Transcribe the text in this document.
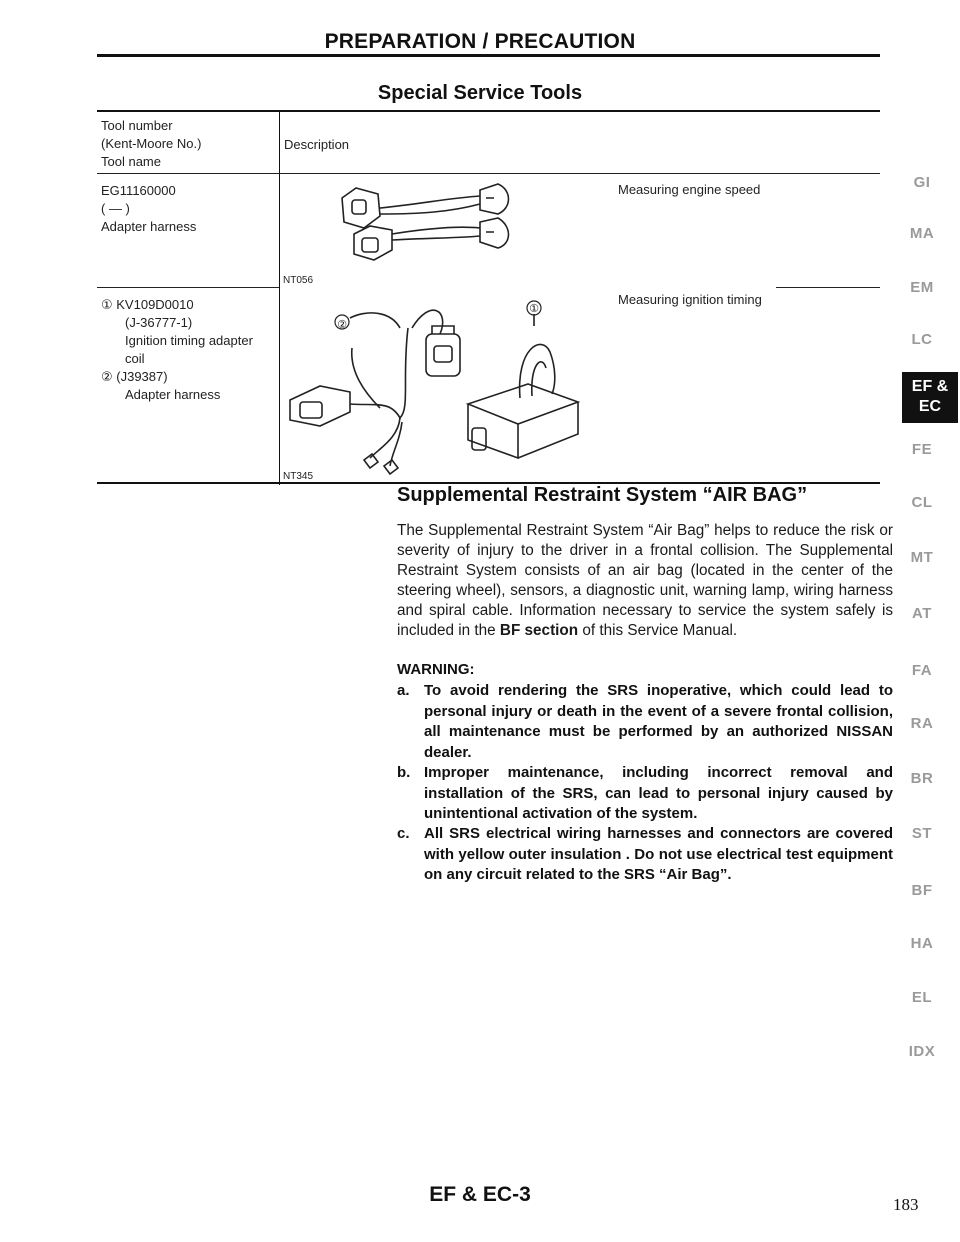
PREPARATION / PRECAUTION
Special Service Tools
Tool number
(Kent-Moore No.)
Tool name
Description
EG11160000
( — )
Adapter harness
Measuring engine speed
NT056
① KV109D0010
(J-36777-1)
Ignition timing adapter
coil
② (J39387)
Adapter harness
②
①
Measuring ignition timing
NT345
Supplemental Restraint System “AIR BAG”
The Supplemental Restraint System “Air Bag” helps to reduce the risk or severity of injury to the driver in a frontal collision. The Supplemental Restraint System consists of an air bag (located in the center of the steering wheel), sensors, a diagnostic unit, warning lamp, wiring harness and spiral cable. Information necessary to service the system safely is included in the BF section of this Service Manual.
WARNING:
a. To avoid rendering the SRS inoperative, which could lead to personal injury or death in the event of a severe frontal collision, all maintenance must be performed by an authorized NISSAN dealer.
b. Improper maintenance, including incorrect removal and installation of the SRS, can lead to personal injury caused by unintentional activation of the system.
c. All SRS electrical wiring harnesses and connectors are covered with yellow outer insulation . Do not use electrical test equipment on any circuit related to the SRS “Air Bag”.
GI
MA
EM
LC
EF &
EC
FE
CL
MT
AT
FA
RA
BR
ST
BF
HA
EL
IDX
EF & EC-3	183
